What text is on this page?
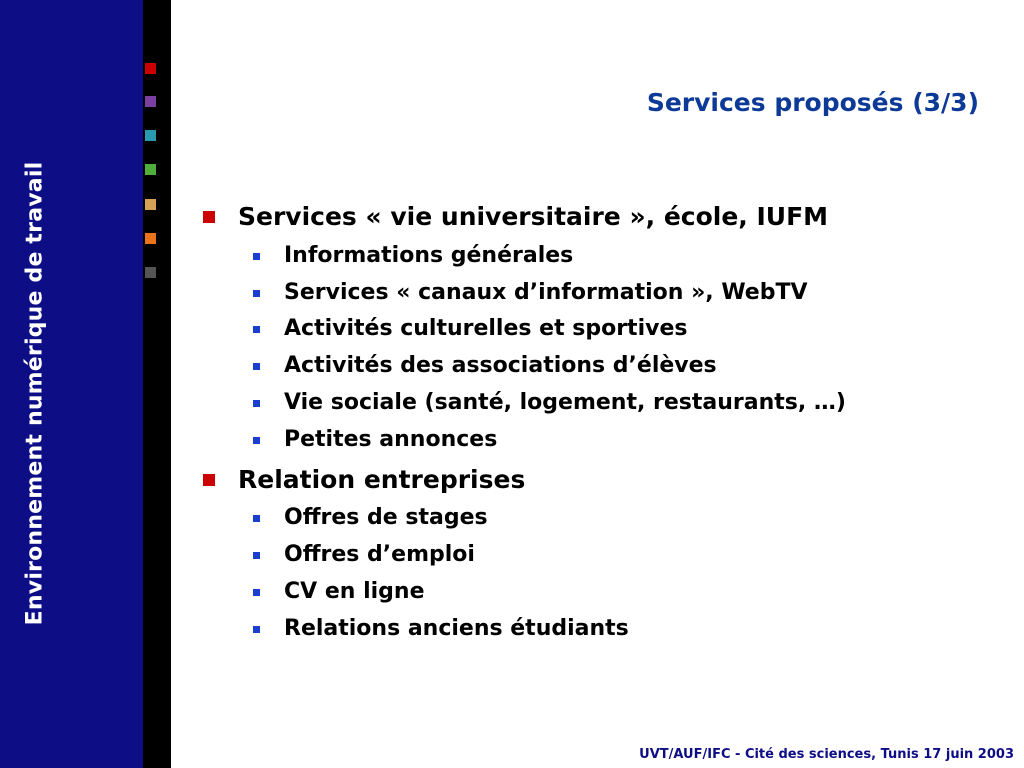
Environnement numérique de travail
Services proposés (3/3)
Services « vie universitaire », école, IUFM
Informations générales
Services « canaux d’information », WebTV
Activités culturelles et sportives
Activités des associations d’élèves
Vie sociale (santé, logement, restaurants, …)
Petites annonces
Relation entreprises
Offres de stages
Offres d’emploi
CV en ligne
Relations anciens étudiants
UVT/AUF/IFC - Cité des sciences, Tunis 17 juin 2003
